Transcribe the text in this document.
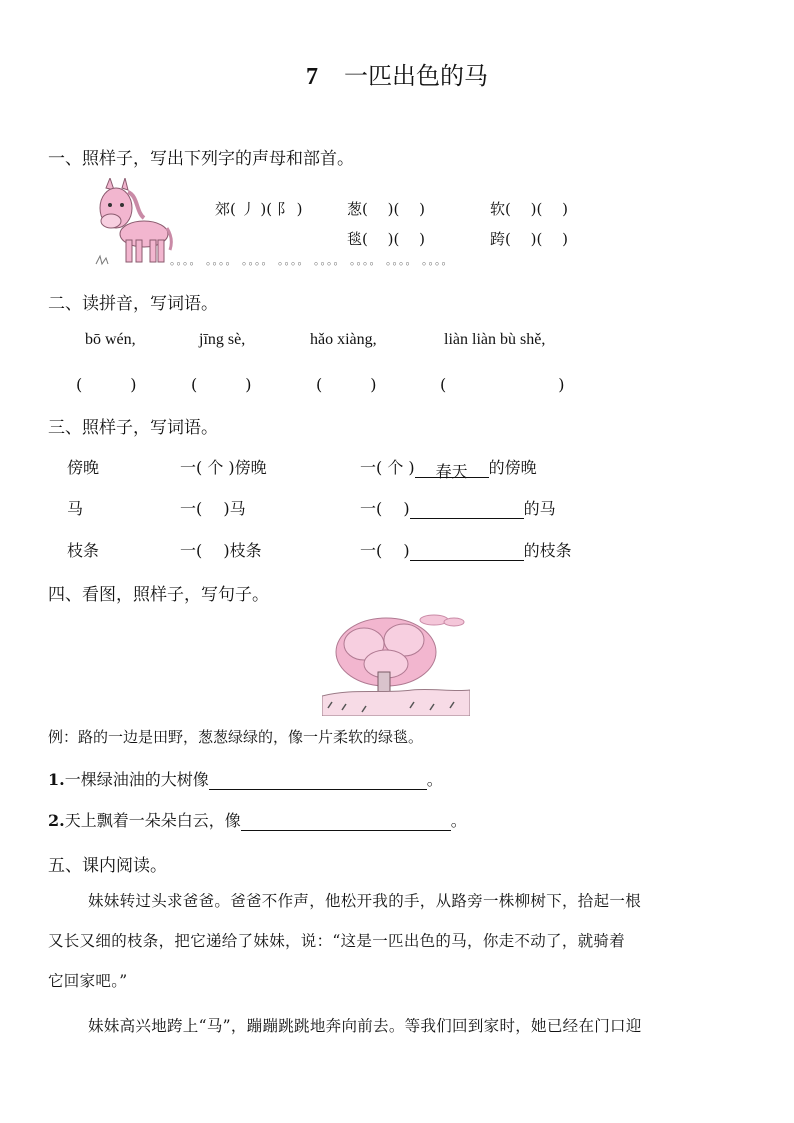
7 一匹出色的马
一、照样子，写出下列字的声母和部首。
郊( 丿 )( 阝 )	葱(　 )(　 )	软(　 )(　 )
毯(　 )(　 )	跨(　 )(　 )
。。。。 。。。。 。。。。 。。。。 。。。。 。。。。 。。。。 。。。。
二、读拼音，写词语。
bō wén,	jīng sè,	hǎo xiàng,	liàn liàn bù shě,
(　　　)	(　　　)	(　　　)	(　　　　　　　)
三、照样子，写词语。
傍晚	一( 个 )傍晚	一( 个 ) 春天 的傍晚
马	一(　 )马	一(　 )	的马
枝条	一(　 )枝条	一(　 )	的枝条
四、看图，照样子，写句子。
例：路的一边是田野，葱葱绿绿的，像一片柔软的绿毯。
1.一棵绿油油的大树像	。
2.天上飘着一朵朵白云，像	。
五、课内阅读。
妹妹转过头求爸爸。爸爸不作声，他松开我的手，从路旁一株柳树下，拾起一根
又长又细的枝条，把它递给了妹妹，说：“这是一匹出色的马，你走不动了，就骑着
它回家吧。”
妹妹高兴地跨上“马”，蹦蹦跳跳地奔向前去。等我们回到家时，她已经在门口迎
